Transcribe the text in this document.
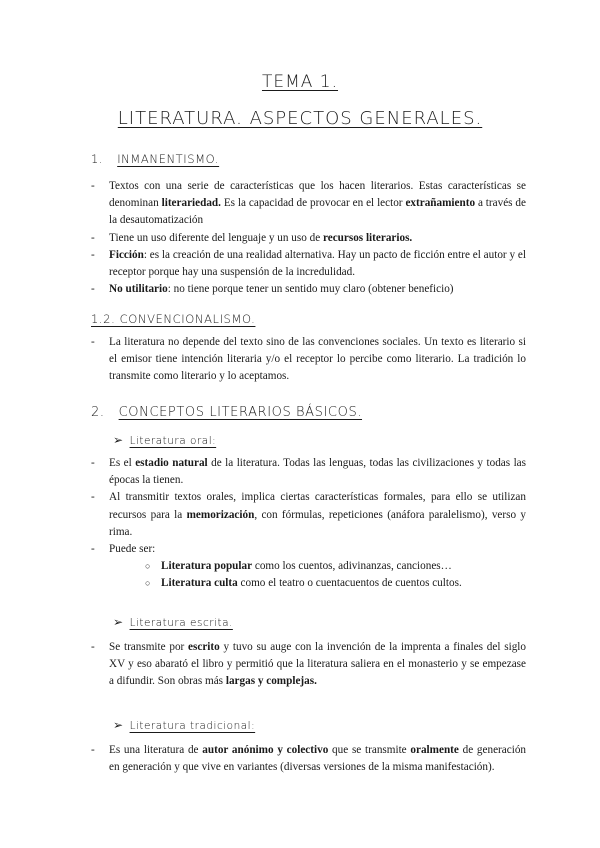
TEMA 1.
LITERATURA. ASPECTOS GENERALES.
1. INMANENTISMO.
- Textos con una serie de características que los hacen literarios. Estas características se denominan literariedad. Es la capacidad de provocar en el lector extrañamiento a través de la desautomatización
- Tiene un uso diferente del lenguaje y un uso de recursos literarios.
- Ficción: es la creación de una realidad alternativa. Hay un pacto de ficción entre el autor y el receptor porque hay una suspensión de la incredulidad.
- No utilitario: no tiene porque tener un sentido muy claro (obtener beneficio)
1.2. CONVENCIONALISMO.
- La literatura no depende del texto sino de las convenciones sociales. Un texto es literario si el emisor tiene intención literaria y/o el receptor lo percibe como literario. La tradición lo transmite como literario y lo aceptamos.
2. CONCEPTOS LITERARIOS BÁSICOS.
➢ Literatura oral:
- Es el estadio natural de la literatura. Todas las lenguas, todas las civilizaciones y todas las épocas la tienen.
- Al transmitir textos orales, implica ciertas características formales, para ello se utilizan recursos para la memorización, con fórmulas, repeticiones (anáfora paralelismo), verso y rima.
- Puede ser:
○ Literatura popular como los cuentos, adivinanzas, canciones…
○ Literatura culta como el teatro o cuentacuentos de cuentos cultos.
➢ Literatura escrita.
- Se transmite por escrito y tuvo su auge con la invención de la imprenta a finales del siglo XV y eso abarató el libro y permitió que la literatura saliera en el monasterio y se empezase a difundir. Son obras más largas y complejas.
➢ Literatura tradicional:
- Es una literatura de autor anónimo y colectivo que se transmite oralmente de generación en generación y que vive en variantes (diversas versiones de la misma manifestación).
